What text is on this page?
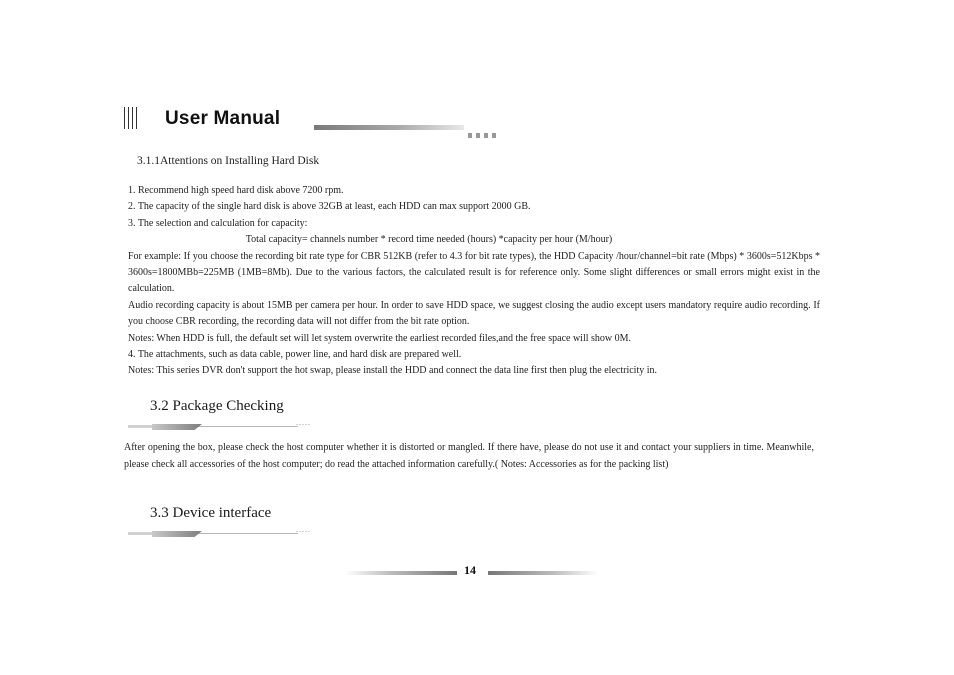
User Manual
3.1.1Attentions on Installing Hard Disk

1. Recommend high speed hard disk above 7200 rpm.

2. The capacity of the single hard disk is above 32GB at least, each HDD can max support 2000 GB.

3. The selection and calculation for capacity:

Total capacity= channels number * record time needed (hours) *capacity per hour (M/hour)

For example: If you choose the recording bit rate type for CBR 512KB (refer to 4.3 for bit rate types), the HDD Capacity /hour/channel=bit rate (Mbps) * 3600s=512Kbps * 3600s=1800MBb=225MB (1MB=8Mb). Due to the various factors, the calculated result is for reference only. Some slight differences or small errors might exist in the calculation.

Audio recording capacity is about 15MB per camera per hour. In order to save HDD space, we suggest closing the audio except users mandatory require audio recording. If you choose CBR recording, the recording data will not differ from the bit rate option.

Notes: When HDD is full, the default set will let system overwrite the earliest recorded files,and the free space will show 0M.

4. The attachments, such as data cable, power line, and hard disk are prepared well.

Notes: This series DVR don't support the hot swap, please install the HDD and connect the data line first then plug the electricity in.

3.2 Package Checking
.....
After opening the box, please check the host computer whether it is distorted or mangled. If there have, please do not use it and contact your suppliers in time. Meanwhile, please check all accessories of the host computer; do read the attached information carefully.( Notes: Accessories as for the packing list)
3.3 Device interface
.....
14
